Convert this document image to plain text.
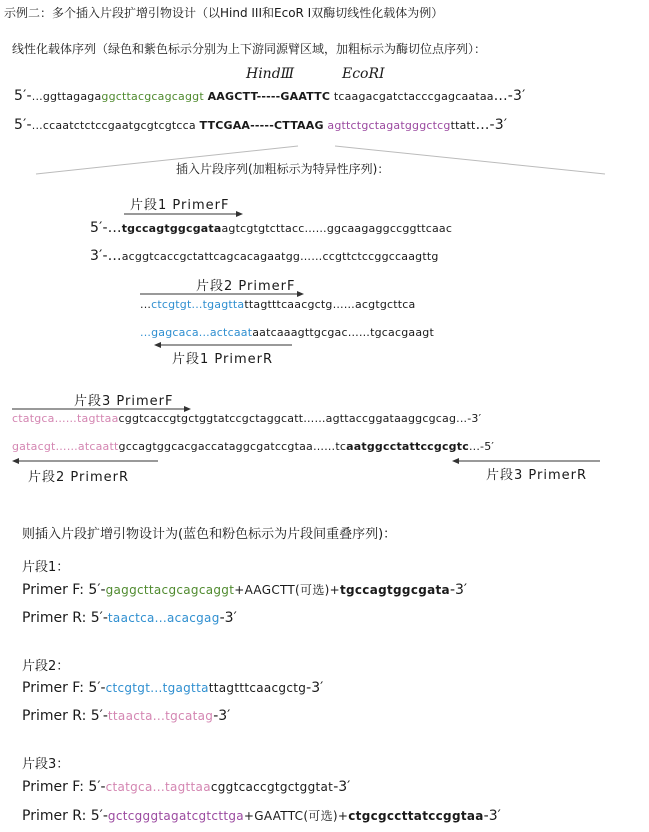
示例二：多个插入片段扩增引物设计（以Hind III和EcoR I双酶切线性化载体为例）
线性化载体序列（绿色和紫色标示分别为上下游同源臂区域，加粗标示为酶切位点序列）：
HindⅢ	EcoRⅠ
5′-...ggttagagaggcttacgcagcaggt AAGCTT-----GAATTC tcaagacgatctacccgagcaataa...-3′
5′-...ccaatctctccgaatgcgtcgtcca TTCGAA-----CTTAAG agttctgctagatgggctcgttatt...-3′
插入片段序列(加粗标示为特异性序列)：
片段1 PrimerF
5′-...tgccagtggcgataagtcgtgtcttacc……ggcaagaggccggttcaac
3′-...acggtcaccgctattcagcacagaatgg……ccgttctccggccaagttg
片段2 PrimerF
...ctcgtgt...tgagttattagtttcaacgctg……acgtgcttca
...gagcaca...actcaataatcaaagttgcgac……tgcacgaagt
片段1 PrimerR
片段3 PrimerF
ctatgca……tagttaacggtcaccgtgctggtatccgctaggcatt……agttaccggataaggcgcag...-3′
gatacgt……atcaattgccagtggcacgaccataggcgatccgtaa……tcaatggcctattccgcgtc...-5′
片段2 PrimerR	片段3 PrimerR
则插入片段扩增引物设计为(蓝色和粉色标示为片段间重叠序列)：
片段1：
Primer F: 5′-gaggcttacgcagcaggt+AAGCTT(可选)+tgccagtggcgata-3′
Primer R: 5′-taactca...acacgag-3′
片段2：
Primer F: 5′-ctcgtgt...tgagttattagtttcaacgctg-3′
Primer R: 5′-ttaacta...tgcatag-3′
片段3：
Primer F: 5′-ctatgca...tagttaacggtcaccgtgctggtat-3′
Primer R: 5′-gctcgggtagatcgtcttga+GAATTC(可选)+ctgcgccttatccggtaa-3′
